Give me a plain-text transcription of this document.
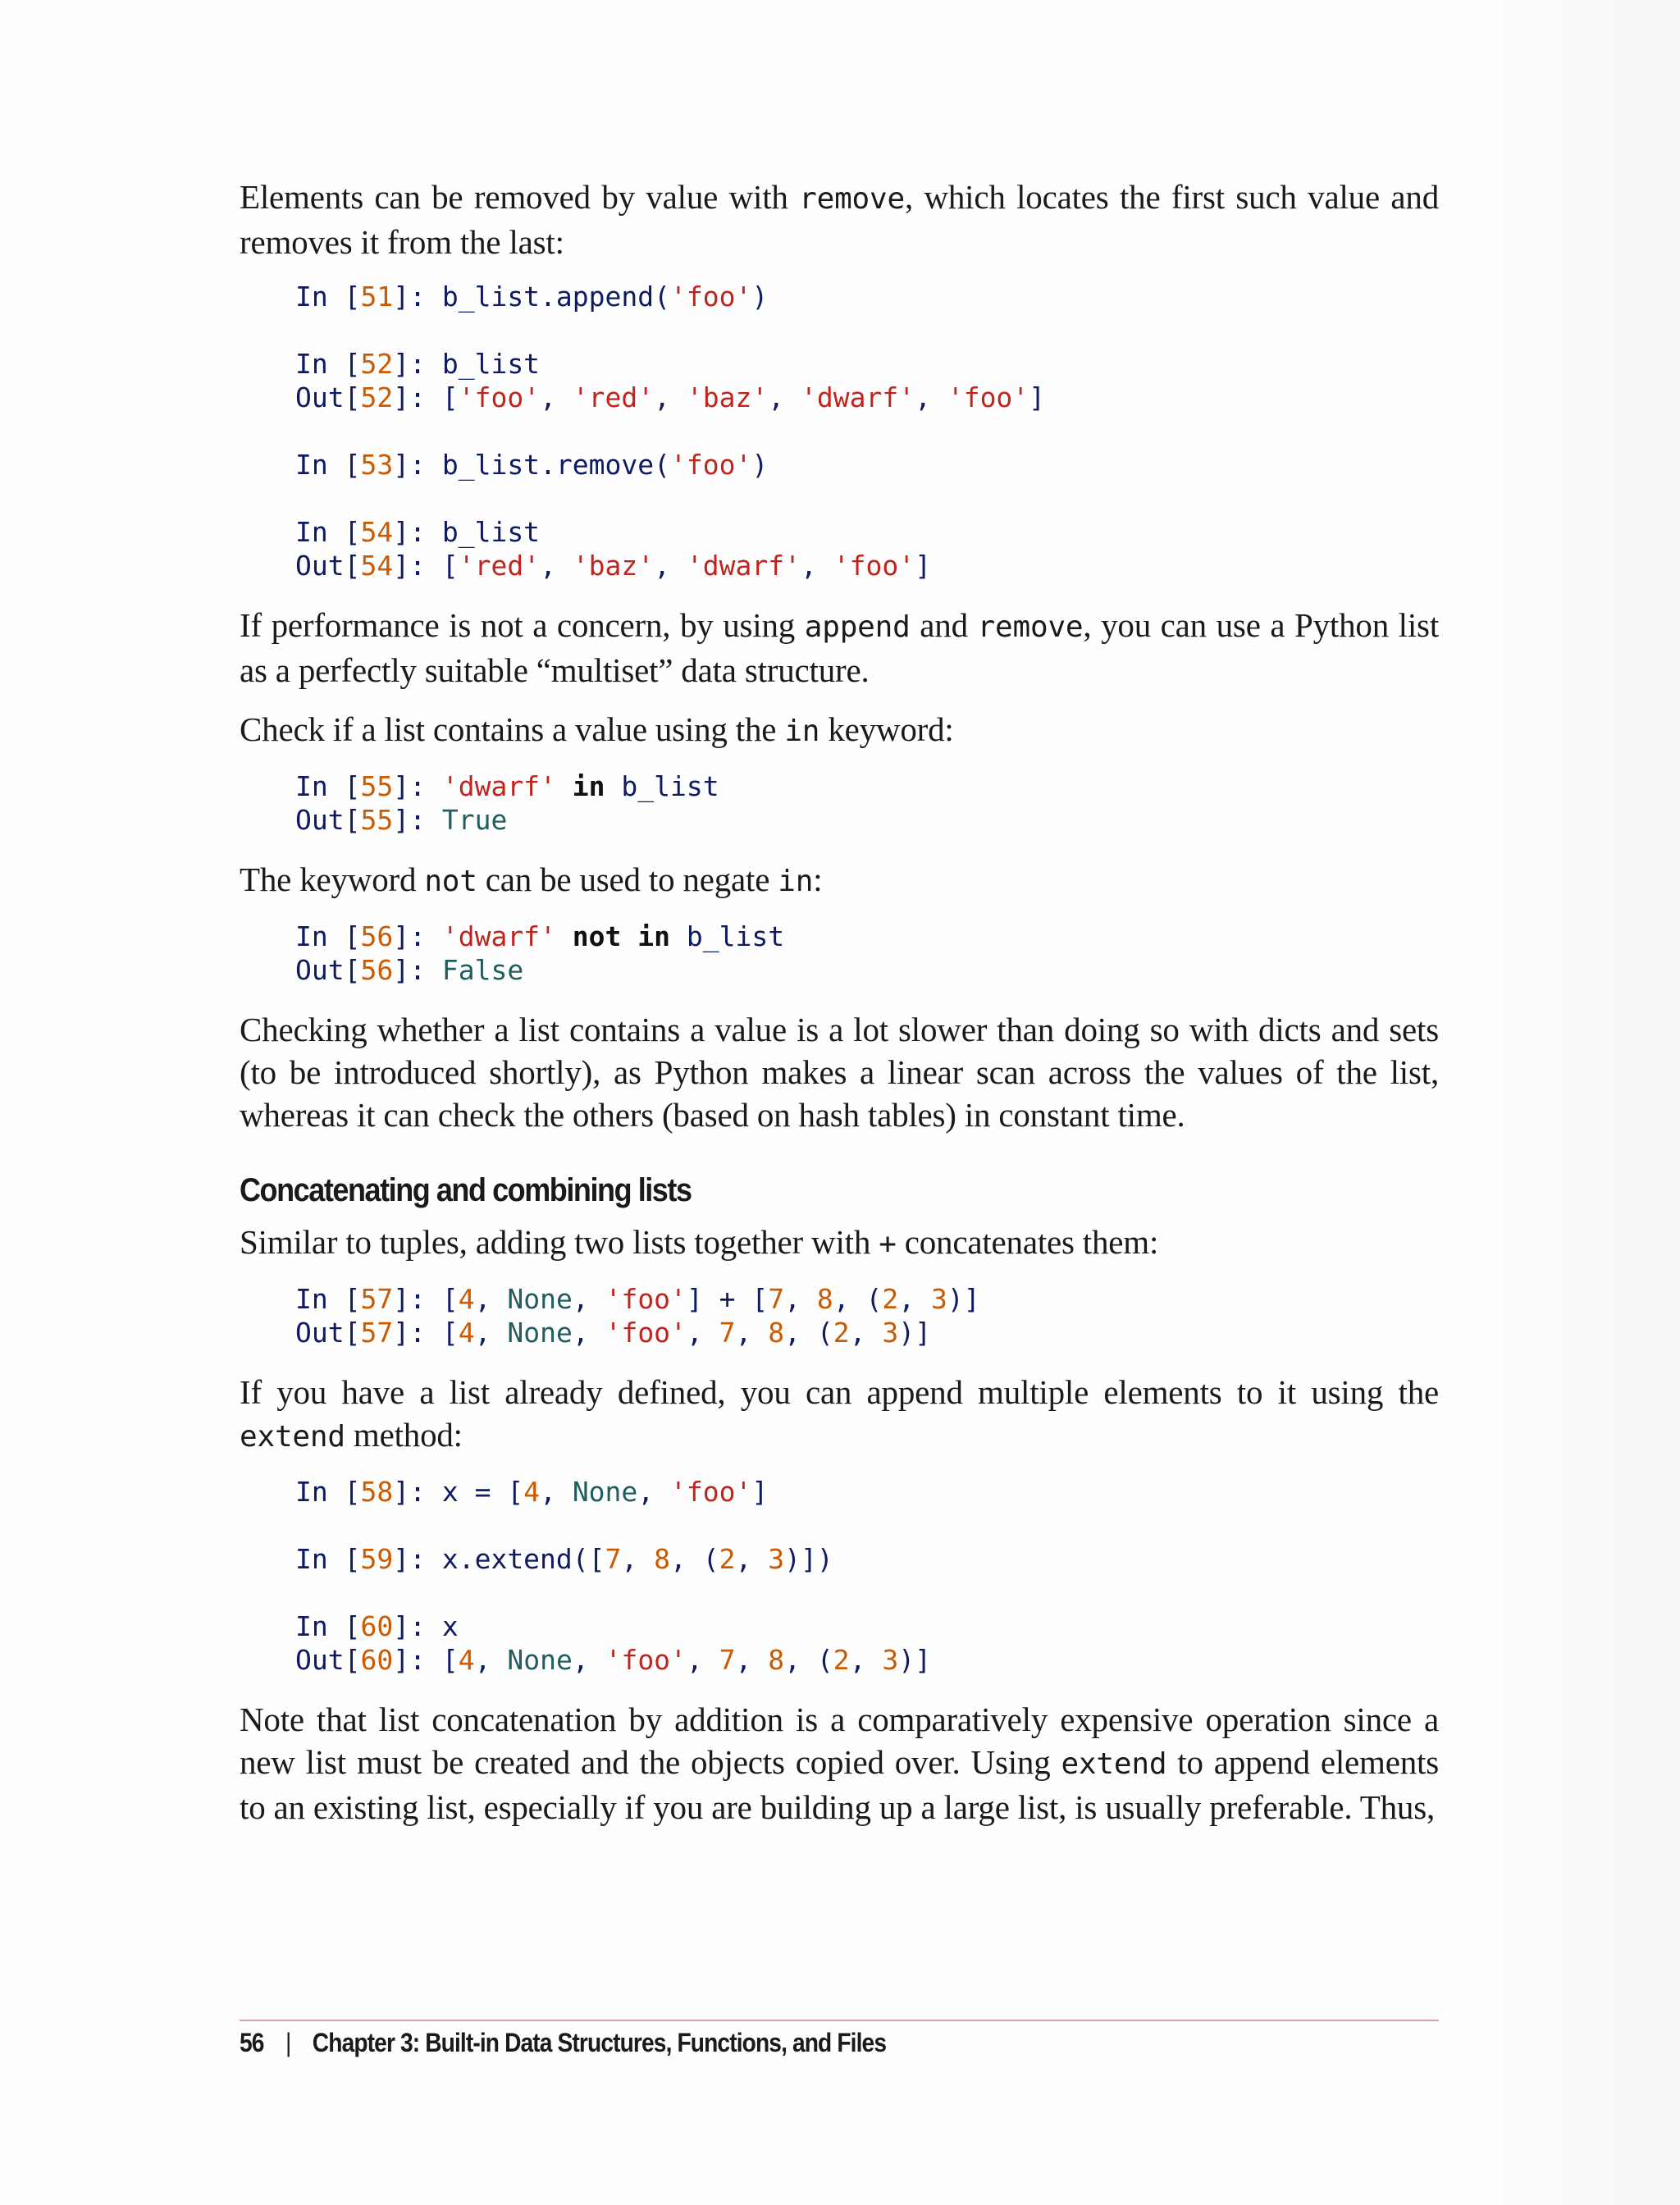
Elements can be removed by value with remove, which locates the first such value and removes it from the last:

In [51]: b_list.append('foo')

In [52]: b_list
Out[52]: ['foo', 'red', 'baz', 'dwarf', 'foo']

In [53]: b_list.remove('foo')

In [54]: b_list
Out[54]: ['red', 'baz', 'dwarf', 'foo']

If performance is not a concern, by using append and remove, you can use a Python list as a perfectly suitable “multiset” data structure.

Check if a list contains a value using the in keyword:

In [55]: 'dwarf' in b_list
Out[55]: True

The keyword not can be used to negate in:

In [56]: 'dwarf' not in b_list
Out[56]: False

Checking whether a list contains a value is a lot slower than doing so with dicts and sets (to be introduced shortly), as Python makes a linear scan across the values of the list, whereas it can check the others (based on hash tables) in constant time.

Concatenating and combining lists

Similar to tuples, adding two lists together with + concatenates them:

In [57]: [4, None, 'foo'] + [7, 8, (2, 3)]
Out[57]: [4, None, 'foo', 7, 8, (2, 3)]

If you have a list already defined, you can append multiple elements to it using the extend method:

In [58]: x = [4, None, 'foo']

In [59]: x.extend([7, 8, (2, 3)])

In [60]: x
Out[60]: [4, None, 'foo', 7, 8, (2, 3)]

Note that list concatenation by addition is a comparatively expensive operation since a new list must be created and the objects copied over. Using extend to append elements to an existing list, especially if you are building up a large list, is usually preferable. Thus,

56 | Chapter 3: Built-in Data Structures, Functions, and Files
